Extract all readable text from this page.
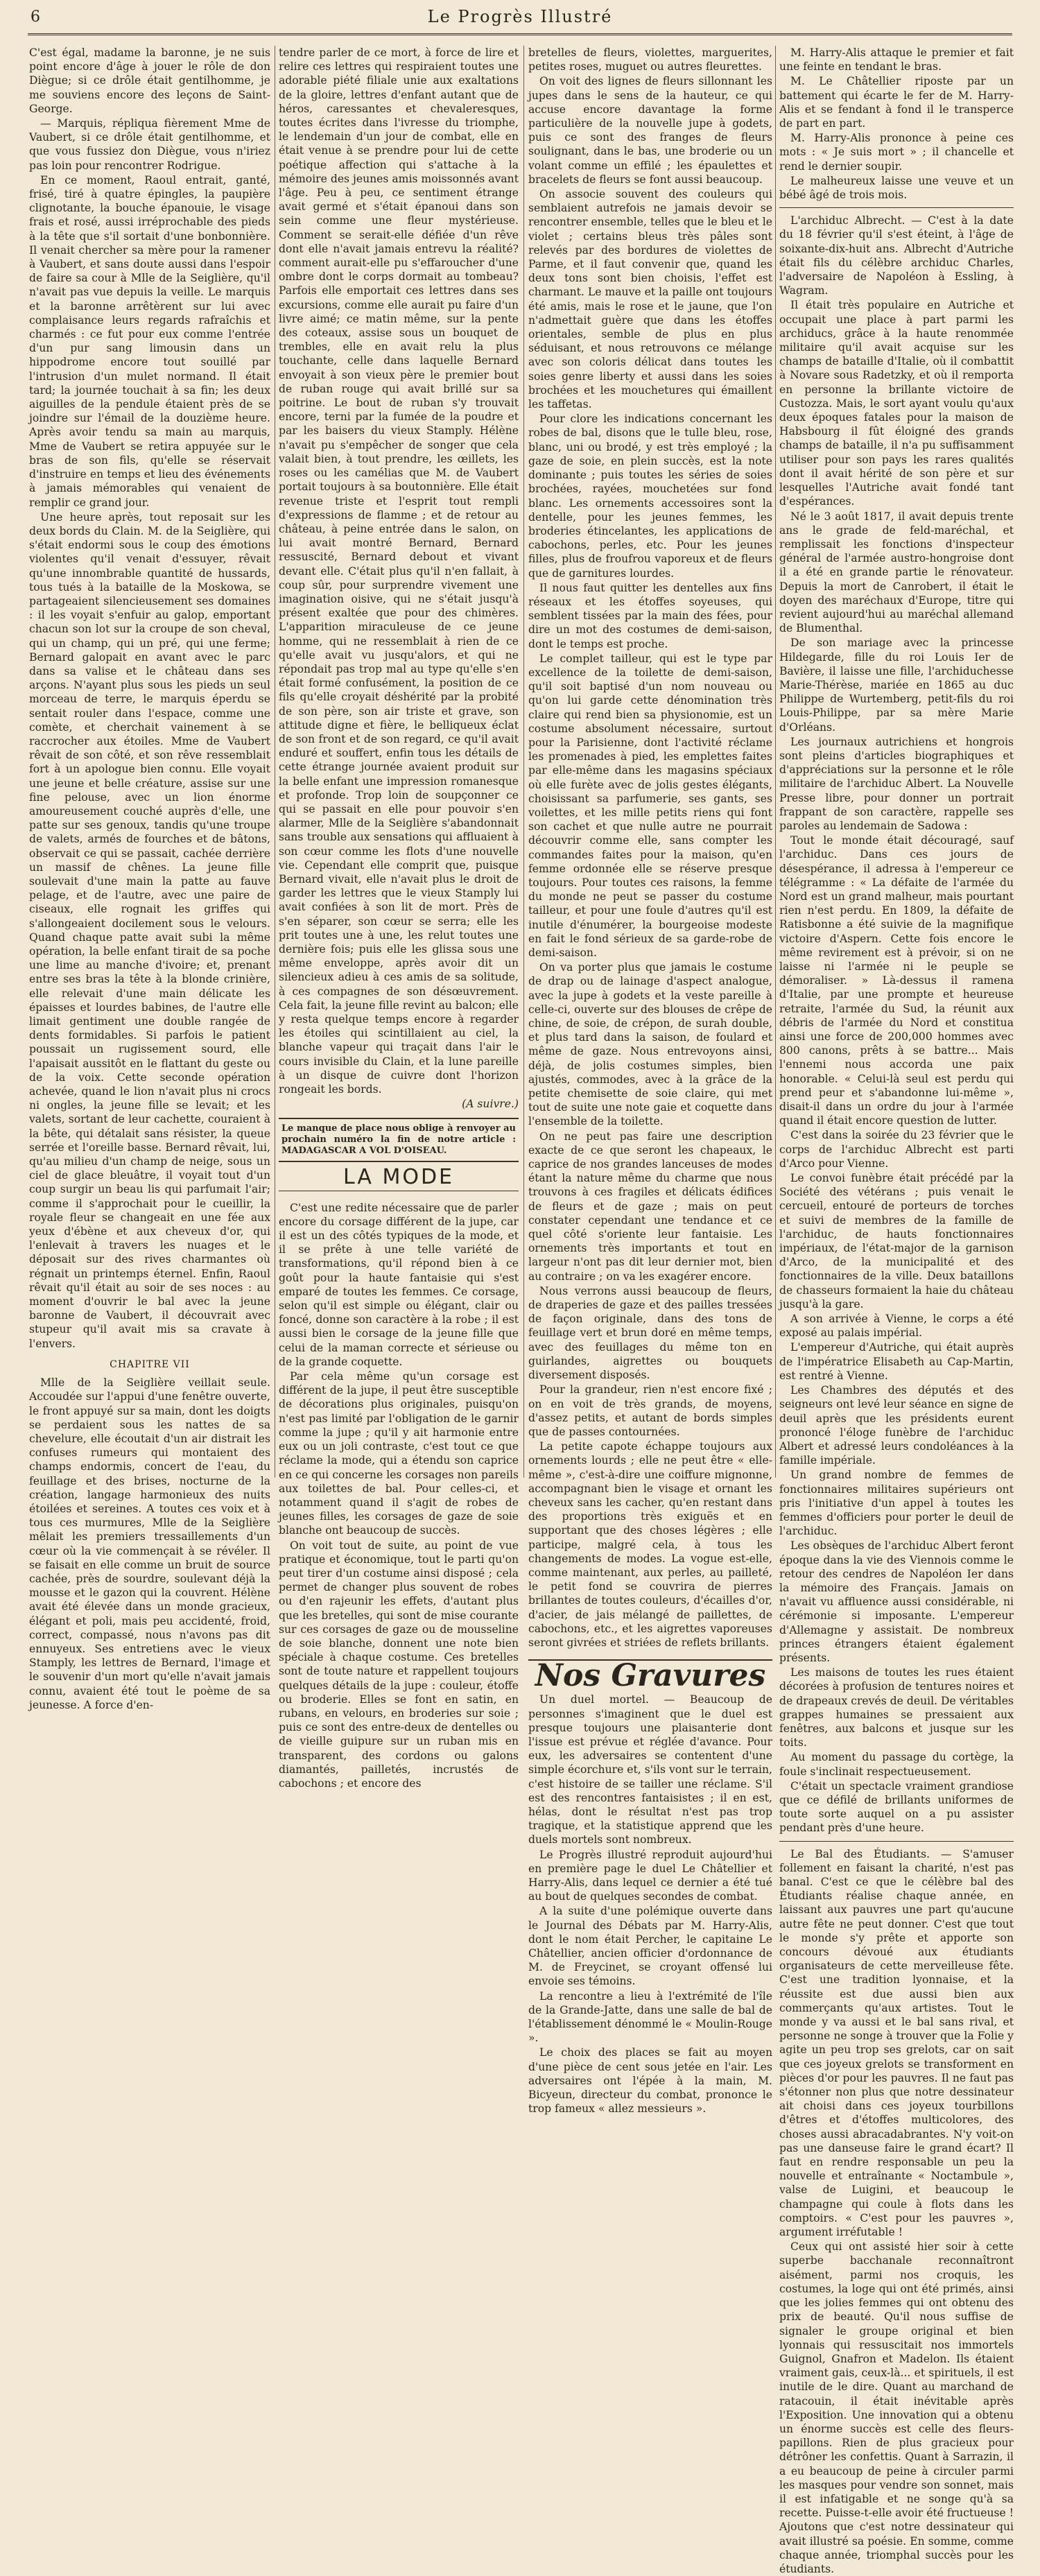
6	Le Progrès Illustré

C'est égal, madame la baronne, je ne suis point encore d'âge à jouer le rôle de don Diègue; si ce drôle était gentilhomme, je me souviens encore des leçons de Saint-George.

— Marquis, répliqua fièrement Mme de Vaubert, si ce drôle était gentilhomme, et que vous fussiez don Diègue, vous n'iriez pas loin pour rencontrer Rodrigue.

En ce moment, Raoul entrait, ganté, frisé, tiré à quatre épingles, la paupière clignotante, la bouche épanouie, le visage frais et rosé, aussi irréprochable des pieds à la tête que s'il sortait d'une bonbonnière. Il venait chercher sa mère pour la ramener à Vaubert, et sans doute aussi dans l'espoir de faire sa cour à Mlle de la Seiglière, qu'il n'avait pas vue depuis la veille. Le marquis et la baronne arrêtèrent sur lui avec complaisance leurs regards rafraîchis et charmés : ce fut pour eux comme l'entrée d'un pur sang limousin dans un hippodrome encore tout souillé par l'intrusion d'un mulet normand. Il était tard; la journée touchait à sa fin; les deux aiguilles de la pendule étaient près de se joindre sur l'émail de la douzième heure. Après avoir tendu sa main au marquis, Mme de Vaubert se retira appuyée sur le bras de son fils, qu'elle se réservait d'instruire en temps et lieu des événements à jamais mémorables qui venaient de remplir ce grand jour.

Une heure après, tout reposait sur les deux bords du Clain. M. de la Seiglière, qui s'était endormi sous le coup des émotions violentes qu'il venait d'essuyer, rêvait qu'une innombrable quantité de hussards, tous tués à la bataille de la Moskowa, se partageaient silencieusement ses domaines : il les voyait s'enfuir au galop, emportant chacun son lot sur la croupe de son cheval, qui un champ, qui un pré, qui une ferme; Bernard galopait en avant avec le parc dans sa valise et le château dans ses arçons. N'ayant plus sous les pieds un seul morceau de terre, le marquis éperdu se sentait rouler dans l'espace, comme une comète, et cherchait vainement à se raccrocher aux étoiles. Mme de Vaubert rêvait de son côté, et son rêve ressemblait fort à un apologue bien connu. Elle voyait une jeune et belle créature, assise sur une fine pelouse, avec un lion énorme amoureusement couché auprès d'elle, une patte sur ses genoux, tandis qu'une troupe de valets, armés de fourches et de bâtons, observait ce qui se passait, cachée derrière un massif de chênes. La jeune fille soulevait d'une main la patte au fauve pelage, et de l'autre, avec une paire de ciseaux, elle rognait les griffes qui s'allongeaient docilement sous le velours. Quand chaque patte avait subi la même opération, la belle enfant tirait de sa poche une lime au manche d'ivoire; et, prenant entre ses bras la tête à la blonde crinière, elle relevait d'une main délicate les épaisses et lourdes babines, de l'autre elle limait gentiment une double rangée de dents formidables. Si parfois le patient poussait un rugissement sourd, elle l'apaisait aussitôt en le flattant du geste ou de la voix. Cette seconde opération achevée, quand le lion n'avait plus ni crocs ni ongles, la jeune fille se levait; et les valets, sortant de leur cachette, couraient à la bête, qui détalait sans résister, la queue serrée et l'oreille basse. Bernard rêvait, lui, qu'au milieu d'un champ de neige, sous un ciel de glace bleuâtre, il voyait tout d'un coup surgir un beau lis qui parfumait l'air; comme il s'approchait pour le cueillir, la royale fleur se changeait en une fée aux yeux d'ébène et aux cheveux d'or, qui l'enlevait à travers les nuages et le déposait sur des rives charmantes où régnait un printemps éternel. Enfin, Raoul rêvait qu'il était au soir de ses noces : au moment d'ouvrir le bal avec la jeune baronne de Vaubert, il découvrait avec stupeur qu'il avait mis sa cravate à l'envers.

CHAPITRE VII

Mlle de la Seiglière veillait seule. Accoudée sur l'appui d'une fenêtre ouverte, le front appuyé sur sa main, dont les doigts se perdaient sous les nattes de sa chevelure, elle écoutait d'un air distrait les confuses rumeurs qui montaient des champs endormis, concert de l'eau, du feuillage et des brises, nocturne de la création, langage harmonieux des nuits étoilées et sereines. A toutes ces voix et à tous ces murmures, Mlle de la Seiglière mêlait les premiers tressaillements d'un cœur où la vie commençait à se révéler. Il se faisait en elle comme un bruit de source cachée, près de sourdre, soulevant déjà la mousse et le gazon qui la couvrent. Hélène avait été élevée dans un monde gracieux, élégant et poli, mais peu accidenté, froid, correct, compassé, nous n'avons pas dit ennuyeux. Ses entretiens avec le vieux Stamply, les lettres de Bernard, l'image et le souvenir d'un mort qu'elle n'avait jamais connu, avaient été tout le poème de sa jeunesse. A force d'en-

tendre parler de ce mort, à force de lire et relire ces lettres qui respiraient toutes une adorable piété filiale unie aux exaltations de la gloire, lettres d'enfant autant que de héros, caressantes et chevaleresques, toutes écrites dans l'ivresse du triomphe, le lendemain d'un jour de combat, elle en était venue à se prendre pour lui de cette poétique affection qui s'attache à la mémoire des jeunes amis moissonnés avant l'âge. Peu à peu, ce sentiment étrange avait germé et s'était épanoui dans son sein comme une fleur mystérieuse. Comment se serait-elle défiée d'un rêve dont elle n'avait jamais entrevu la réalité? comment aurait-elle pu s'effaroucher d'une ombre dont le corps dormait au tombeau? Parfois elle emportait ces lettres dans ses excursions, comme elle aurait pu faire d'un livre aimé; ce matin même, sur la pente des coteaux, assise sous un bouquet de trembles, elle en avait relu la plus touchante, celle dans laquelle Bernard envoyait à son vieux père le premier bout de ruban rouge qui avait brillé sur sa poitrine. Le bout de ruban s'y trouvait encore, terni par la fumée de la poudre et par les baisers du vieux Stamply. Hélène n'avait pu s'empêcher de songer que cela valait bien, à tout prendre, les œillets, les roses ou les camélias que M. de Vaubert portait toujours à sa boutonnière. Elle était revenue triste et l'esprit tout rempli d'expressions de flamme ; et de retour au château, à peine entrée dans le salon, on lui avait montré Bernard, Bernard ressuscité, Bernard debout et vivant devant elle. C'était plus qu'il n'en fallait, à coup sûr, pour surprendre vivement une imagination oisive, qui ne s'était jusqu'à présent exaltée que pour des chimères. L'apparition miraculeuse de ce jeune homme, qui ne ressemblait à rien de ce qu'elle avait vu jusqu'alors, et qui ne répondait pas trop mal au type qu'elle s'en était formé confusément, la position de ce fils qu'elle croyait déshérité par la probité de son père, son air triste et grave, son attitude digne et fière, le belliqueux éclat de son front et de son regard, ce qu'il avait enduré et souffert, enfin tous les détails de cette étrange journée avaient produit sur la belle enfant une impression romanesque et profonde. Trop loin de soupçonner ce qui se passait en elle pour pouvoir s'en alarmer, Mlle de la Seiglière s'abandonnait sans trouble aux sensations qui affluaient à son cœur comme les flots d'une nouvelle vie. Cependant elle comprit que, puisque Bernard vivait, elle n'avait plus le droit de garder les lettres que le vieux Stamply lui avait confiées à son lit de mort. Près de s'en séparer, son cœur se serra; elle les prit toutes une à une, les relut toutes une dernière fois; puis elle les glissa sous une même enveloppe, après avoir dit un silencieux adieu à ces amis de sa solitude, à ces compagnes de son désœuvrement. Cela fait, la jeune fille revint au balcon; elle y resta quelque temps encore à regarder les étoiles qui scintillaient au ciel, la blanche vapeur qui traçait dans l'air le cours invisible du Clain, et la lune pareille à un disque de cuivre dont l'horizon rongeait les bords.

(A suivre.)
Le manque de place nous oblige à renvoyer au prochain numéro la fin de notre article : MADAGASCAR A VOL D'OISEAU.
LA MODE

C'est une redite nécessaire que de parler encore du corsage différent de la jupe, car il est un des côtés typiques de la mode, et il se prête à une telle variété de transformations, qu'il répond bien à ce goût pour la haute fantaisie qui s'est emparé de toutes les femmes. Ce corsage, selon qu'il est simple ou élégant, clair ou foncé, donne son caractère à la robe ; il est aussi bien le corsage de la jeune fille que celui de la maman correcte et sérieuse ou de la grande coquette.

Par cela même qu'un corsage est différent de la jupe, il peut être susceptible de décorations plus originales, puisqu'on n'est pas limité par l'obligation de le garnir comme la jupe ; qu'il y ait harmonie entre eux ou un joli contraste, c'est tout ce que réclame la mode, qui a étendu son caprice en ce qui concerne les corsages non pareils aux toilettes de bal. Pour celles-ci, et notamment quand il s'agit de robes de jeunes filles, les corsages de gaze de soie blanche ont beaucoup de succès.

On voit tout de suite, au point de vue pratique et économique, tout le parti qu'on peut tirer d'un costume ainsi disposé ; cela permet de changer plus souvent de robes ou d'en rajeunir les effets, d'autant plus que les bretelles, qui sont de mise courante sur ces corsages de gaze ou de mousseline de soie blanche, donnent une note bien spéciale à chaque costume. Ces bretelles sont de toute nature et rappellent toujours quelques détails de la jupe : couleur, étoffe ou broderie. Elles se font en satin, en rubans, en velours, en broderies sur soie ; puis ce sont des entre-deux de dentelles ou de vieille guipure sur un ruban mis en transparent, des cordons ou galons diamantés, pailletés, incrustés de cabochons ; et encore des

bretelles de fleurs, violettes, marguerites, petites roses, muguet ou autres fleurettes.

On voit des lignes de fleurs sillonnant les jupes dans le sens de la hauteur, ce qui accuse encore davantage la forme particulière de la nouvelle jupe à godets, puis ce sont des franges de fleurs soulignant, dans le bas, une broderie ou un volant comme un effilé ; les épaulettes et bracelets de fleurs se font aussi beaucoup.

On associe souvent des couleurs qui semblaient autrefois ne jamais devoir se rencontrer ensemble, telles que le bleu et le violet ; certains bleus très pâles sont relevés par des bordures de violettes de Parme, et il faut convenir que, quand les deux tons sont bien choisis, l'effet est charmant. Le mauve et la paille ont toujours été amis, mais le rose et le jaune, que l'on n'admettait guère que dans les étoffes orientales, semble de plus en plus séduisant, et nous retrouvons ce mélange avec son coloris délicat dans toutes les soies genre liberty et aussi dans les soies brochées et les mouchetures qui émaillent les taffetas.

Pour clore les indications concernant les robes de bal, disons que le tulle bleu, rose, blanc, uni ou brodé, y est très employé ; la gaze de soie, en plein succès, est la note dominante ; puis toutes les séries de soies brochées, rayées, mouchetées sur fond blanc. Les ornements accessoires sont la dentelle, pour les jeunes femmes, les broderies étincelantes, les applications de cabochons, perles, etc. Pour les jeunes filles, plus de froufrou vaporeux et de fleurs que de garnitures lourdes.

Il nous faut quitter les dentelles aux fins réseaux et les étoffes soyeuses, qui semblent tissées par la main des fées, pour dire un mot des costumes de demi-saison, dont le temps est proche.

Le complet tailleur, qui est le type par excellence de la toilette de demi-saison, qu'il soit baptisé d'un nom nouveau ou qu'on lui garde cette dénomination très claire qui rend bien sa physionomie, est un costume absolument nécessaire, surtout pour la Parisienne, dont l'activité réclame les promenades à pied, les emplettes faites par elle-même dans les magasins spéciaux où elle furète avec de jolis gestes élégants, choisissant sa parfumerie, ses gants, ses voilettes, et les mille petits riens qui font son cachet et que nulle autre ne pourrait découvrir comme elle, sans compter les commandes faites pour la maison, qu'en femme ordonnée elle se réserve presque toujours. Pour toutes ces raisons, la femme du monde ne peut se passer du costume tailleur, et pour une foule d'autres qu'il est inutile d'énumérer, la bourgeoise modeste en fait le fond sérieux de sa garde-robe de demi-saison.

On va porter plus que jamais le costume de drap ou de lainage d'aspect analogue, avec la jupe à godets et la veste pareille à celle-ci, ouverte sur des blouses de crêpe de chine, de soie, de crépon, de surah double, et plus tard dans la saison, de foulard et même de gaze. Nous entrevoyons ainsi, déjà, de jolis costumes simples, bien ajustés, commodes, avec à la grâce de la petite chemisette de soie claire, qui met tout de suite une note gaie et coquette dans l'ensemble de la toilette.

On ne peut pas faire une description exacte de ce que seront les chapeaux, le caprice de nos grandes lanceuses de modes étant la nature même du charme que nous trouvons à ces fragiles et délicats édifices de fleurs et de gaze ; mais on peut constater cependant une tendance et ce quel côté s'oriente leur fantaisie. Les ornements très importants et tout en largeur n'ont pas dit leur dernier mot, bien au contraire ; on va les exagérer encore.

Nous verrons aussi beaucoup de fleurs, de draperies de gaze et des pailles tressées de façon originale, dans des tons de feuillage vert et brun doré en même temps, avec des feuillages du même ton en guirlandes, aigrettes ou bouquets diversement disposés.

Pour la grandeur, rien n'est encore fixé ; on en voit de très grands, de moyens, d'assez petits, et autant de bords simples que de passes contournées.

La petite capote échappe toujours aux ornements lourds ; elle ne peut être « elle-même », c'est-à-dire une coiffure mignonne, accompagnant bien le visage et ornant les cheveux sans les cacher, qu'en restant dans des proportions très exiguës et en supportant que des choses légères ; elle participe, malgré cela, à tous les changements de modes. La vogue est-elle, comme maintenant, aux perles, au pailleté, le petit fond se couvrira de pierres brillantes de toutes couleurs, d'écailles d'or, d'acier, de jais mélangé de paillettes, de cabochons, etc., et les aigrettes vaporeuses seront givrées et striées de reflets brillants.

Nos Gravures

Un duel mortel. — Beaucoup de personnes s'imaginent que le duel est presque toujours une plaisanterie dont l'issue est prévue et réglée d'avance. Pour eux, les adversaires se contentent d'une simple écorchure et, s'ils vont sur le terrain, c'est histoire de se tailler une réclame. S'il est des rencontres fantaisistes ; il en est, hélas, dont le résultat n'est pas trop tragique, et la statistique apprend que les duels mortels sont nombreux.

Le Progrès illustré reproduit aujourd'hui en première page le duel Le Châtellier et Harry-Alis, dans lequel ce dernier a été tué au bout de quelques secondes de combat.

A la suite d'une polémique ouverte dans le Journal des Débats par M. Harry-Alis, dont le nom était Percher, le capitaine Le Châtellier, ancien officier d'ordonnance de M. de Freycinet, se croyant offensé lui envoie ses témoins.

La rencontre a lieu à l'extrémité de l'île de la Grande-Jatte, dans une salle de bal de l'établissement dénommé le « Moulin-Rouge ».

Le choix des places se fait au moyen d'une pièce de cent sous jetée en l'air. Les adversaires ont l'épée à la main, M. Bicyeun, directeur du combat, prononce le trop fameux « allez messieurs ».

M. Harry-Alis attaque le premier et fait une feinte en tendant le bras.

M. Le Châtellier riposte par un battement qui écarte le fer de M. Harry-Alis et se fendant à fond il le transperce de part en part.

M. Harry-Alis prononce à peine ces mots : « Je suis mort » ; il chancelle et rend le dernier soupir.

Le malheureux laisse une veuve et un bébé âgé de trois mois.

L'archiduc Albrecht. — C'est à la date du 18 février qu'il s'est éteint, à l'âge de soixante-dix-huit ans. Albrecht d'Autriche était fils du célèbre archiduc Charles, l'adversaire de Napoléon à Essling, à Wagram.

Il était très populaire en Autriche et occupait une place à part parmi les archiducs, grâce à la haute renommée militaire qu'il avait acquise sur les champs de bataille d'Italie, où il combattit à Novare sous Radetzky, et où il remporta en personne la brillante victoire de Custozza. Mais, le sort ayant voulu qu'aux deux époques fatales pour la maison de Habsbourg il fût éloigné des grands champs de bataille, il n'a pu suffisamment utiliser pour son pays les rares qualités dont il avait hérité de son père et sur lesquelles l'Autriche avait fondé tant d'espérances.

Né le 3 août 1817, il avait depuis trente ans le grade de feld-maréchal, et remplissait les fonctions d'inspecteur général de l'armée austro-hongroise dont il a été en grande partie le rénovateur. Depuis la mort de Canrobert, il était le doyen des maréchaux d'Europe, titre qui revient aujourd'hui au maréchal allemand de Blumenthal.

De son mariage avec la princesse Hildegarde, fille du roi Louis Ier de Bavière, il laisse une fille, l'archiduchesse Marie-Thérèse, mariée en 1865 au duc Philippe de Wurtemberg, petit-fils du roi Louis-Philippe, par sa mère Marie d'Orléans.

Les journaux autrichiens et hongrois sont pleins d'articles biographiques et d'appréciations sur la personne et le rôle militaire de l'archiduc Albert. La Nouvelle Presse libre, pour donner un portrait frappant de son caractère, rappelle ses paroles au lendemain de Sadowa :

Tout le monde était découragé, sauf l'archiduc. Dans ces jours de désespérance, il adressa à l'empereur ce télégramme : « La défaite de l'armée du Nord est un grand malheur, mais pourtant rien n'est perdu. En 1809, la défaite de Ratisbonne a été suivie de la magnifique victoire d'Aspern. Cette fois encore le même revirement est à prévoir, si on ne laisse ni l'armée ni le peuple se démoraliser. » Là-dessus il ramena d'Italie, par une prompte et heureuse retraite, l'armée du Sud, la réunit aux débris de l'armée du Nord et constitua ainsi une force de 200,000 hommes avec 800 canons, prêts à se battre... Mais l'ennemi nous accorda une paix honorable. « Celui-là seul est perdu qui prend peur et s'abandonne lui-même », disait-il dans un ordre du jour à l'armée quand il était encore question de lutter.

C'est dans la soirée du 23 février que le corps de l'archiduc Albrecht est parti d'Arco pour Vienne.

Le convoi funèbre était précédé par la Société des vétérans ; puis venait le cercueil, entouré de porteurs de torches et suivi de membres de la famille de l'archiduc, de hauts fonctionnaires impériaux, de l'état-major de la garnison d'Arco, de la municipalité et des fonctionnaires de la ville. Deux bataillons de chasseurs formaient la haie du château jusqu'à la gare.

A son arrivée à Vienne, le corps a été exposé au palais impérial.

L'empereur d'Autriche, qui était auprès de l'impératrice Elisabeth au Cap-Martin, est rentré à Vienne.

Les Chambres des députés et des seigneurs ont levé leur séance en signe de deuil après que les présidents eurent prononcé l'éloge funèbre de l'archiduc Albert et adressé leurs condoléances à la famille impériale.

Un grand nombre de femmes de fonctionnaires militaires supérieurs ont pris l'initiative d'un appel à toutes les femmes d'officiers pour porter le deuil de l'archiduc.

Les obsèques de l'archiduc Albert feront époque dans la vie des Viennois comme le retour des cendres de Napoléon Ier dans la mémoire des Français. Jamais on n'avait vu affluence aussi considérable, ni cérémonie si imposante. L'empereur d'Allemagne y assistait. De nombreux princes étrangers étaient également présents.

Les maisons de toutes les rues étaient décorées à profusion de tentures noires et de drapeaux crevés de deuil. De véritables grappes humaines se pressaient aux fenêtres, aux balcons et jusque sur les toits.

Au moment du passage du cortège, la foule s'inclinait respectueusement.

C'était un spectacle vraiment grandiose que ce défilé de brillants uniformes de toute sorte auquel on a pu assister pendant près d'une heure.

Le Bal des Étudiants. — S'amuser follement en faisant la charité, n'est pas banal. C'est ce que le célèbre bal des Étudiants réalise chaque année, en laissant aux pauvres une part qu'aucune autre fête ne peut donner. C'est que tout le monde s'y prête et apporte son concours dévoué aux étudiants organisateurs de cette merveilleuse fête. C'est une tradition lyonnaise, et la réussite est due aussi bien aux commerçants qu'aux artistes. Tout le monde y va aussi et le bal sans rival, et personne ne songe à trouver que la Folie y agite un peu trop ses grelots, car on sait que ces joyeux grelots se transforment en pièces d'or pour les pauvres. Il ne faut pas s'étonner non plus que notre dessinateur ait choisi dans ces joyeux tourbillons d'êtres et d'étoffes multicolores, des choses aussi abracadabrantes. N'y voit-on pas une danseuse faire le grand écart? Il faut en rendre responsable un peu la nouvelle et entraînante « Noctambule », valse de Luigini, et beaucoup le champagne qui coule à flots dans les comptoirs. « C'est pour les pauvres », argument irréfutable !

Ceux qui ont assisté hier soir à cette superbe bacchanale reconnaîtront aisément, parmi nos croquis, les costumes, la loge qui ont été primés, ainsi que les jolies femmes qui ont obtenu des prix de beauté. Qu'il nous suffise de signaler le groupe original et bien lyonnais qui ressuscitait nos immortels Guignol, Gnafron et Madelon. Ils étaient vraiment gais, ceux-là... et spirituels, il est inutile de le dire. Quant au marchand de ratacouin, il était inévitable après l'Exposition. Une innovation qui a obtenu un énorme succès est celle des fleurs-papillons. Rien de plus gracieux pour détrôner les confettis. Quant à Sarrazin, il a eu beaucoup de peine à circuler parmi les masques pour vendre son sonnet, mais il est infatigable et ne songe qu'à sa recette. Puisse-t-elle avoir été fructueuse ! Ajoutons que c'est notre dessinateur qui avait illustré sa poésie. En somme, comme chaque année, triomphal succès pour les étudiants.
